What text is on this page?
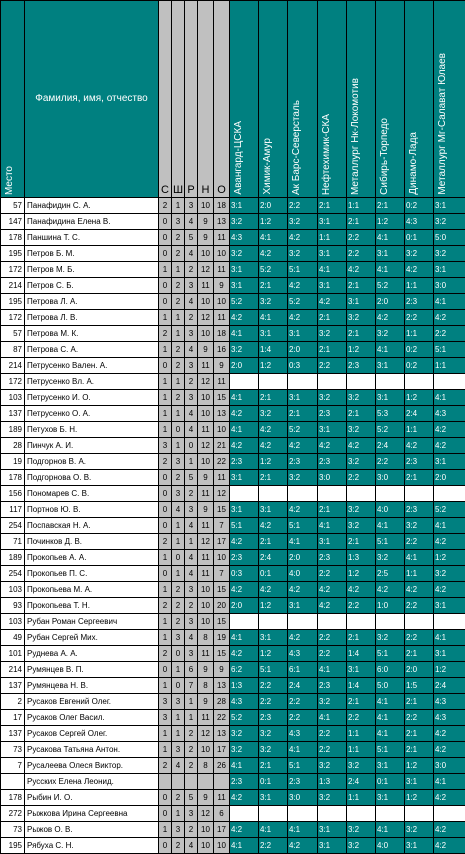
Место	Фамилия, имя, отчество	С	Ш	Р	Н	О	Авангард-ЦСКА	Химик-Амур	Ак Барс-Северсталь	Нефтехимик-СКА	Металлург Нк-Локомотив	Сибирь-Торпедо	Динамо-Лада	Металлург Мг-Салават Юлаев

57	Панафидин С. А.	2	1	3	10	18	3:1	2:0	2:2	2:1	1:1	2:1	0:2	3:1
147	Панафидина Елена В.	0	3	4	9	13	3:2	1:2	3:2	3:1	2:1	1:2	4:3	3:2
178	Паншина Т. С.	0	2	5	9	11	4:3	4:1	4:2	1:1	2:2	4:1	0:1	5:0
195	Петров Б. М.	0	2	4	10	10	3:2	4:2	3:2	3:1	2:2	3:1	3:2	3:2
172	Петров М. Б.	1	1	2	12	11	3:1	5:2	5:1	4:1	4:2	4:1	4:2	3:1
214	Петров С. Б.	0	2	3	11	9	3:1	2:1	4:2	3:1	2:1	5:2	1:1	3:0
195	Петрова Л. А.	0	2	4	10	10	5:2	3:2	5:2	4:2	3:1	2:0	2:3	4:1
172	Петрова Л. В.	1	1	2	12	11	4:2	4:1	4:2	2:1	3:2	4:2	2:2	4:2
57	Петрова М. К.	2	1	3	10	18	4:1	3:1	3:1	3:2	2:1	3:2	1:1	2:2
87	Петрова С. А.	1	2	4	9	16	3:2	1:4	2:0	2:1	1:2	4:1	0:2	5:1
214	Петрусенко Вален. А.	0	2	3	11	9	2:0	1:2	0:3	2:2	2:3	3:1	0:2	1:1
172	Петрусенко Вл. А.	1	1	2	12	11								
103	Петрусенко И. О.	1	2	3	10	15	4:1	2:1	3:1	3:2	3:2	3:1	1:2	4:1
137	Петрусенко О. А.	1	1	4	10	13	4:2	3:2	2:1	2:3	2:1	5:3	2:4	4:3
189	Петухов Б. Н.	1	0	4	11	10	4:1	4:2	5:2	3:1	3:2	5:2	1:1	4:2
28	Пинчук А. И.	3	1	0	12	21	4:2	4:2	4:2	4:2	4:2	2:4	4:2	4:2
19	Подгорнов В. А.	2	3	1	10	22	2:3	1:2	2:3	2:3	3:2	2:2	2:3	3:1
178	Подгорнова О. В.	0	2	5	9	11	3:1	2:1	3:2	3:0	2:2	3:0	2:1	2:0
156	Пономарев С. В.	0	3	2	11	12								
117	Портнов Ю. В.	0	4	3	9	15	3:1	3:1	4:2	2:1	3:2	4:0	2:3	5:2
254	Поспавская Н. А.	0	1	4	11	7	5:1	4:2	5:1	4:1	3:2	4:1	3:2	4:1
71	Починков Д. В.	2	1	1	12	17	4:2	2:1	4:1	3:1	2:1	5:1	2:2	4:2
189	Прокопьев А. А.	1	0	4	11	10	2:3	2:4	2:0	2:3	1:3	3:2	4:1	1:2
254	Прокопьев П. С.	0	1	4	11	7	0:3	0:1	4:0	2:2	1:2	2:5	1:1	3:2
103	Прокопьева М. А.	1	2	3	10	15	4:2	4:2	4:2	4:2	4:2	4:2	4:2	4:2
93	Прокопьева Т. Н.	2	2	2	10	20	2:0	1:2	3:1	4:2	2:2	1:0	2:2	3:1
103	Рубан Роман Сергеевич	1	2	3	10	15								
49	Рубан Сергей Мих.	1	3	4	8	19	4:1	3:1	4:2	2:2	2:1	3:2	2:2	4:1
101	Руднева А. А.	2	0	3	11	15	4:2	1:2	4:3	2:2	1:4	5:1	2:1	3:1
214	Румянцев В. П.	0	1	6	9	9	6:2	5:1	6:1	4:1	3:1	6:0	2:0	1:2
137	Румянцева Н. В.	1	0	7	8	13	1:3	2:2	2:4	2:3	1:4	5:0	1:5	2:4
2	Русаков Евгений Олег.	3	3	1	9	28	4:3	2:2	2:2	3:2	2:1	4:1	2:1	4:3
17	Русаков Олег Васил.	3	1	1	11	22	5:2	2:3	2:2	4:1	2:2	4:1	2:2	4:3
137	Русаков Сергей Олег.	1	1	2	12	13	3:2	3:2	4:3	2:2	1:1	4:1	2:1	4:2
73	Русакова Татьяна Антон.	1	3	2	10	17	3:2	3:2	4:1	2:2	1:1	5:1	2:1	4:2
7	Русалеева Олеся Виктор.	2	4	2	8	26	4:1	2:1	5:1	3:2	3:2	3:1	1:2	3:0
	Русских Елена Леонид.						2:3	0:1	2:3	1:3	2:4	0:1	3:1	4:1
178	Рыбин И. О.	0	2	5	9	11	4:2	3:1	3:0	3:2	1:1	3:1	1:2	4:2
272	Рыжкова Ирина Сергеевна	0	1	3	12	6								
73	Рыжов О. В.	1	3	2	10	17	4:2	4:1	4:1	3:1	3:2	4:1	3:2	4:2
195	Рябуха С. Н.	0	2	4	10	10	4:1	2:2	4:2	3:1	3:2	4:0	3:1	4:2
